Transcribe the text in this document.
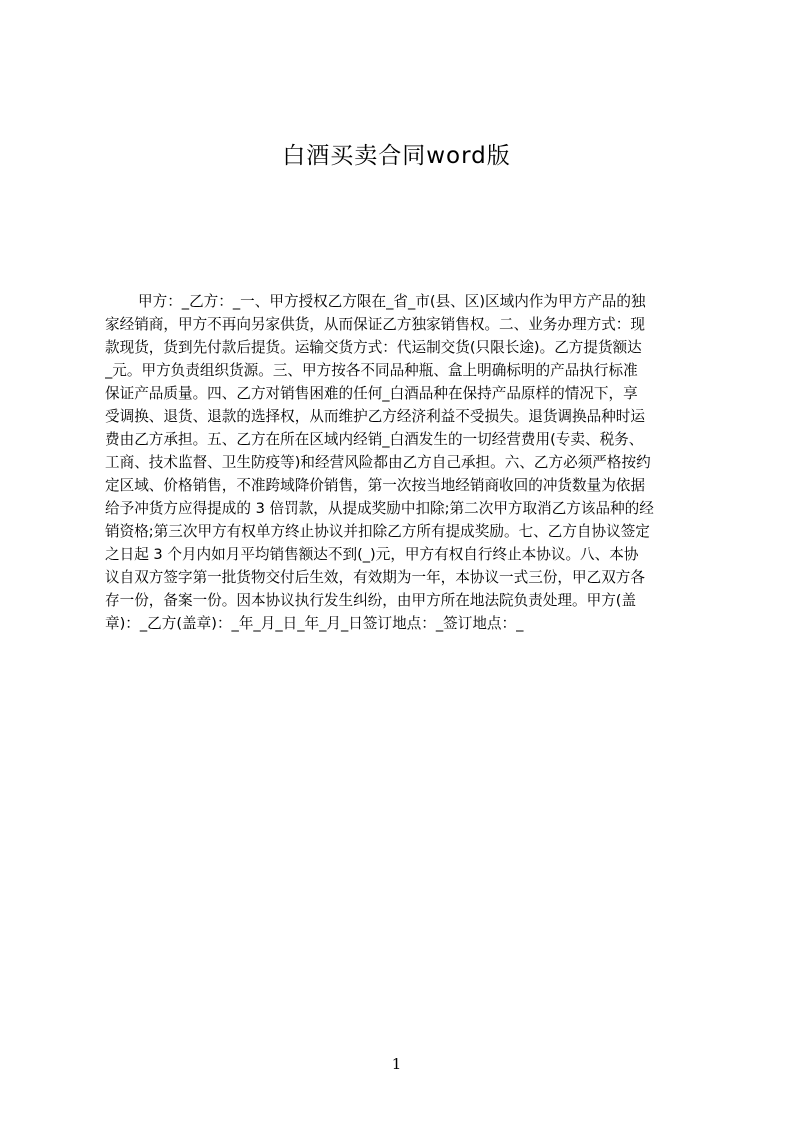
白酒买卖合同word版
甲方：_乙方：_一、甲方授权乙方限在_省_市(县、区)区域内作为甲方产品的独
家经销商，甲方不再向另家供货，从而保证乙方独家销售权。二、业务办理方式：现
款现货，货到先付款后提货。运输交货方式：代运制交货(只限长途)。乙方提货额达
_元。甲方负责组织货源。三、甲方按各不同品种瓶、盒上明确标明的产品执行标准
保证产品质量。四、乙方对销售困难的任何_白酒品种在保持产品原样的情况下，享
受调换、退货、退款的选择权，从而维护乙方经济利益不受损失。退货调换品种时运
费由乙方承担。五、乙方在所在区域内经销_白酒发生的一切经营费用(专卖、税务、
工商、技术监督、卫生防疫等)和经营风险都由乙方自己承担。六、乙方必须严格按约
定区域、价格销售，不准跨域降价销售，第一次按当地经销商收回的冲货数量为依据
给予冲货方应得提成的 3 倍罚款，从提成奖励中扣除;第二次甲方取消乙方该品种的经
销资格;第三次甲方有权单方终止协议并扣除乙方所有提成奖励。七、乙方自协议签定
之日起 3 个月内如月平均销售额达不到(_)元，甲方有权自行终止本协议。八、本协
议自双方签字第一批货物交付后生效，有效期为一年，本协议一式三份，甲乙双方各
存一份，备案一份。因本协议执行发生纠纷，由甲方所在地法院负责处理。甲方(盖
章)：_乙方(盖章)：_年_月_日_年_月_日签订地点：_签订地点：_
1
